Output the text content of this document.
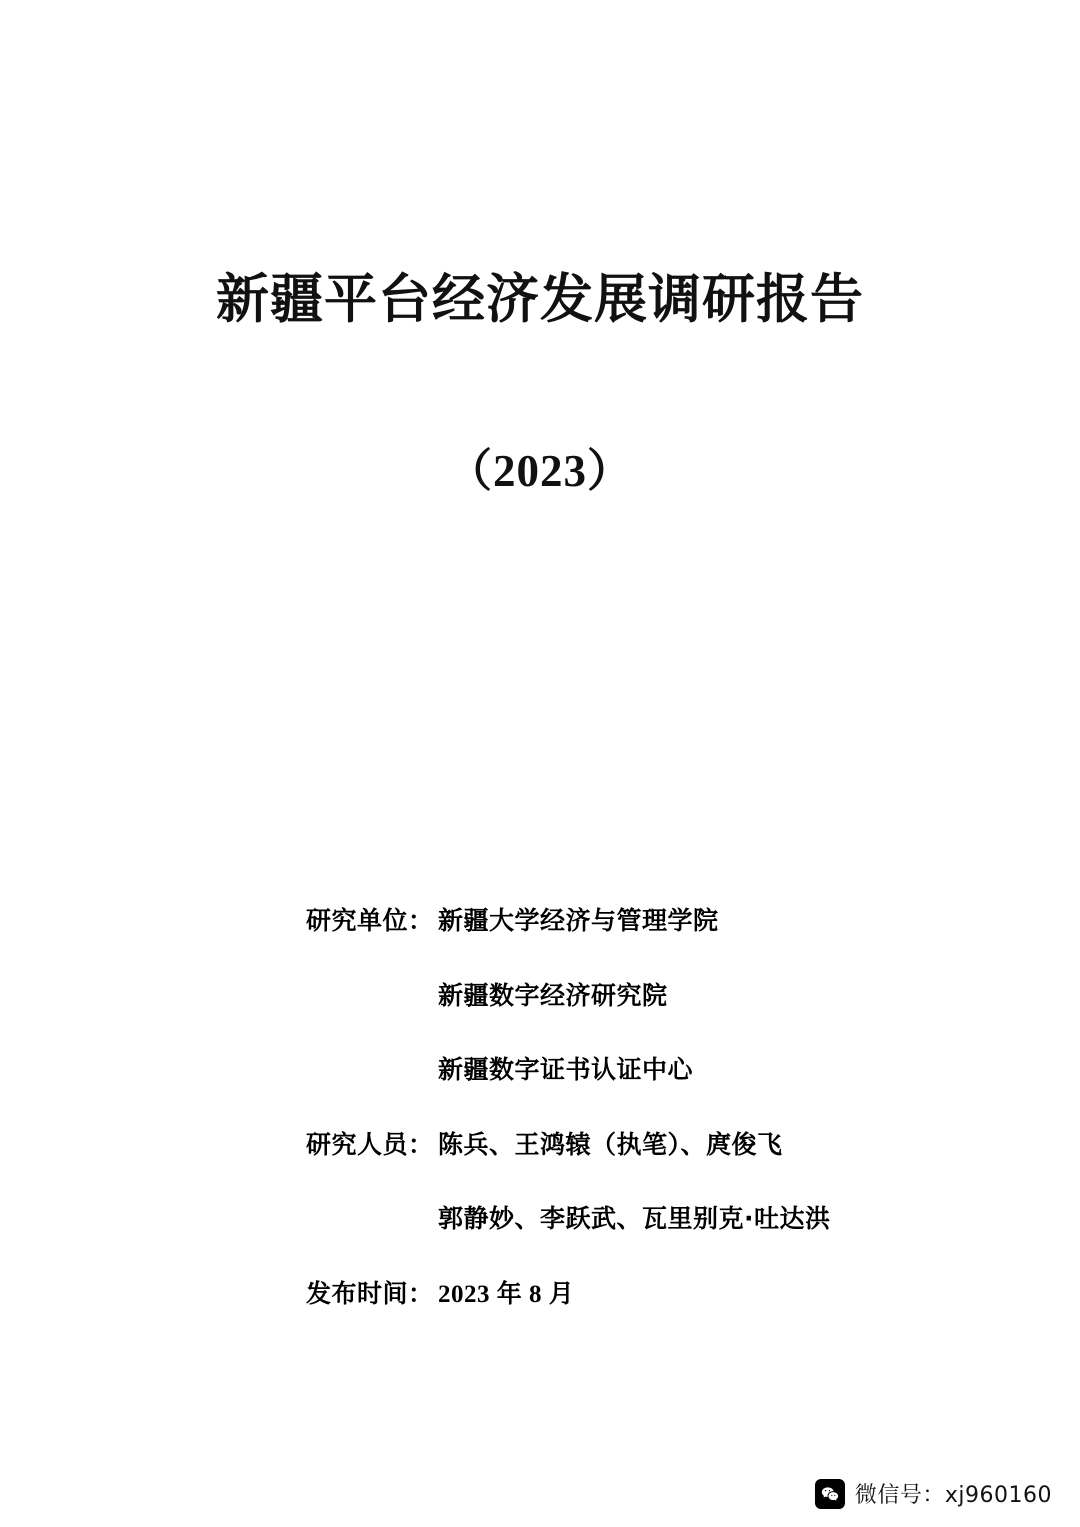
新疆平台经济发展调研报告
（2023）
研究单位： 新疆大学经济与管理学院
新疆数字经济研究院
新疆数字证书认证中心
研究人员： 陈兵、王鸿辕（执笔）、庹俊飞
郭静妙、李跃武、瓦里别克·吐达洪
发布时间： 2023 年 8 月
微信号：xj960160
